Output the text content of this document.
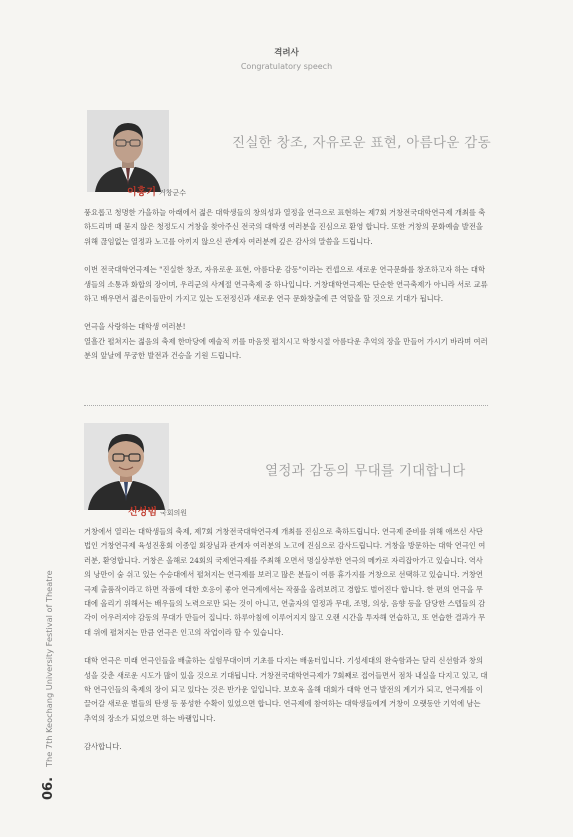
격려사
Congratulatory speech
진실한 창조, 자유로운 표현, 아름다운 감동
이홍기 거창군수

풍요롭고 청명한 가을하늘 아래에서 젊은 대학생들의 창의성과 열정을 연극으로 표현하는 제7회 거창전국대학연극제 개최를 축하드리며 때 묻지 않은 청정도시 거창을 찾아주신 전국의 대학생 여러분을 진심으로 환영 합니다. 또한 거창의 문화예술 발전을 위해 끊임없는 열정과 노고를 아끼지 않으신 관계자 여러분께 깊은 감사의 말씀을 드립니다.

이번 전국대학연극제는 "진실한 창조, 자유로운 표현, 아름다운 감동"이라는 컨셉으로 새로운 연극문화를 창조하고자 하는 대학생들의 소통과 화합의 장이며, 우리군의 사계절 연극축제 중 하나입니다. 거창대학연극제는 단순한 연극축제가 아니라 서로 교류하고 배우면서 젊은이들만이 가지고 있는 도전정신과 새로운 연극 문화창출에 큰 역할을 할 것으로 기대가 됩니다.

연극을 사랑하는 대학생 여러분!
열흘간 펼쳐지는 젊음의 축제 한마당에 예술적 끼를 마음껏 펼치시고 학창시절 아름다운 추억의 장을 만들어 가시기 바라며 여러분의 앞날에 무궁한 발전과 건승을 기원 드립니다.

열정과 감동의 무대를 기대합니다
신성범 국회의원

거창에서 열리는 대학생들의 축제, 제7회 거창전국대학연극제 개최를 진심으로 축하드립니다. 연극제 준비를 위해 애쓰신 사단법인 거창연극제 육성진흥회 이종일 회장님과 관계자 여러분의 노고에 진심으로 감사드립니다. 거창을 방문하는 대학 연극인 여러분, 환영합니다. 거창은 올해로 24회의 국제연극제를 주최해 오면서 명실상부한 연극의 메카로 자리잡아가고 있습니다. 역사의 낭만이 숨 쉬고 있는 수승대에서 펼쳐지는 연극제를 보러고 많은 분들이 여름 휴가지를 거창으로 선택하고 있습니다. 거창연극제 출품작이라고 하면 작품에 대한 호응이 좋아 연극계에서는 작품을 올려보려고 경합도 벌어진다 합니다. 한 편의 연극을 무대에 올리기 위해서는 배우들의 노력으로만 되는 것이 아니고, 연출자의 열정과 무대, 조명, 의상, 음향 등을 담당한 스텝들의 감각이 어우러져야 감동의 무대가 만들어 집니다. 하루아침에 이루어지지 않고 오랜 시간을 투자해 연습하고, 또 연습한 결과가 무대 위에 펼쳐지는 만큼 연극은 인고의 작업이라 할 수 있습니다.

대학 연극은 미래 연극인들을 배출하는 실험무대이며 기초를 다지는 배움터입니다. 기성세대의 완숙함과는 달리 신선함과 창의성을 갖춘 새로운 시도가 많이 있을 것으로 기대됩니다. 거창전국대학연극제가 7회째로 접어들면서 점차 내실을 다지고 있고, 대학 연극인들의 축제의 장이 되고 있다는 것은 반가운 일입니다. 보호육 올해 대회가 대학 연극 발전의 계기가 되고, 연극계를 이끌어갈 새로운 별들의 탄생 등 풍성한 수확이 있었으면 합니다. 연극제에 참여하는 대학생들에게 거창이 오랫동안 기억에 남는 추억의 장소가 되었으면 하는 바램입니다.

감사합니다.

06.The 7th Keochang University Festival of Theatre
